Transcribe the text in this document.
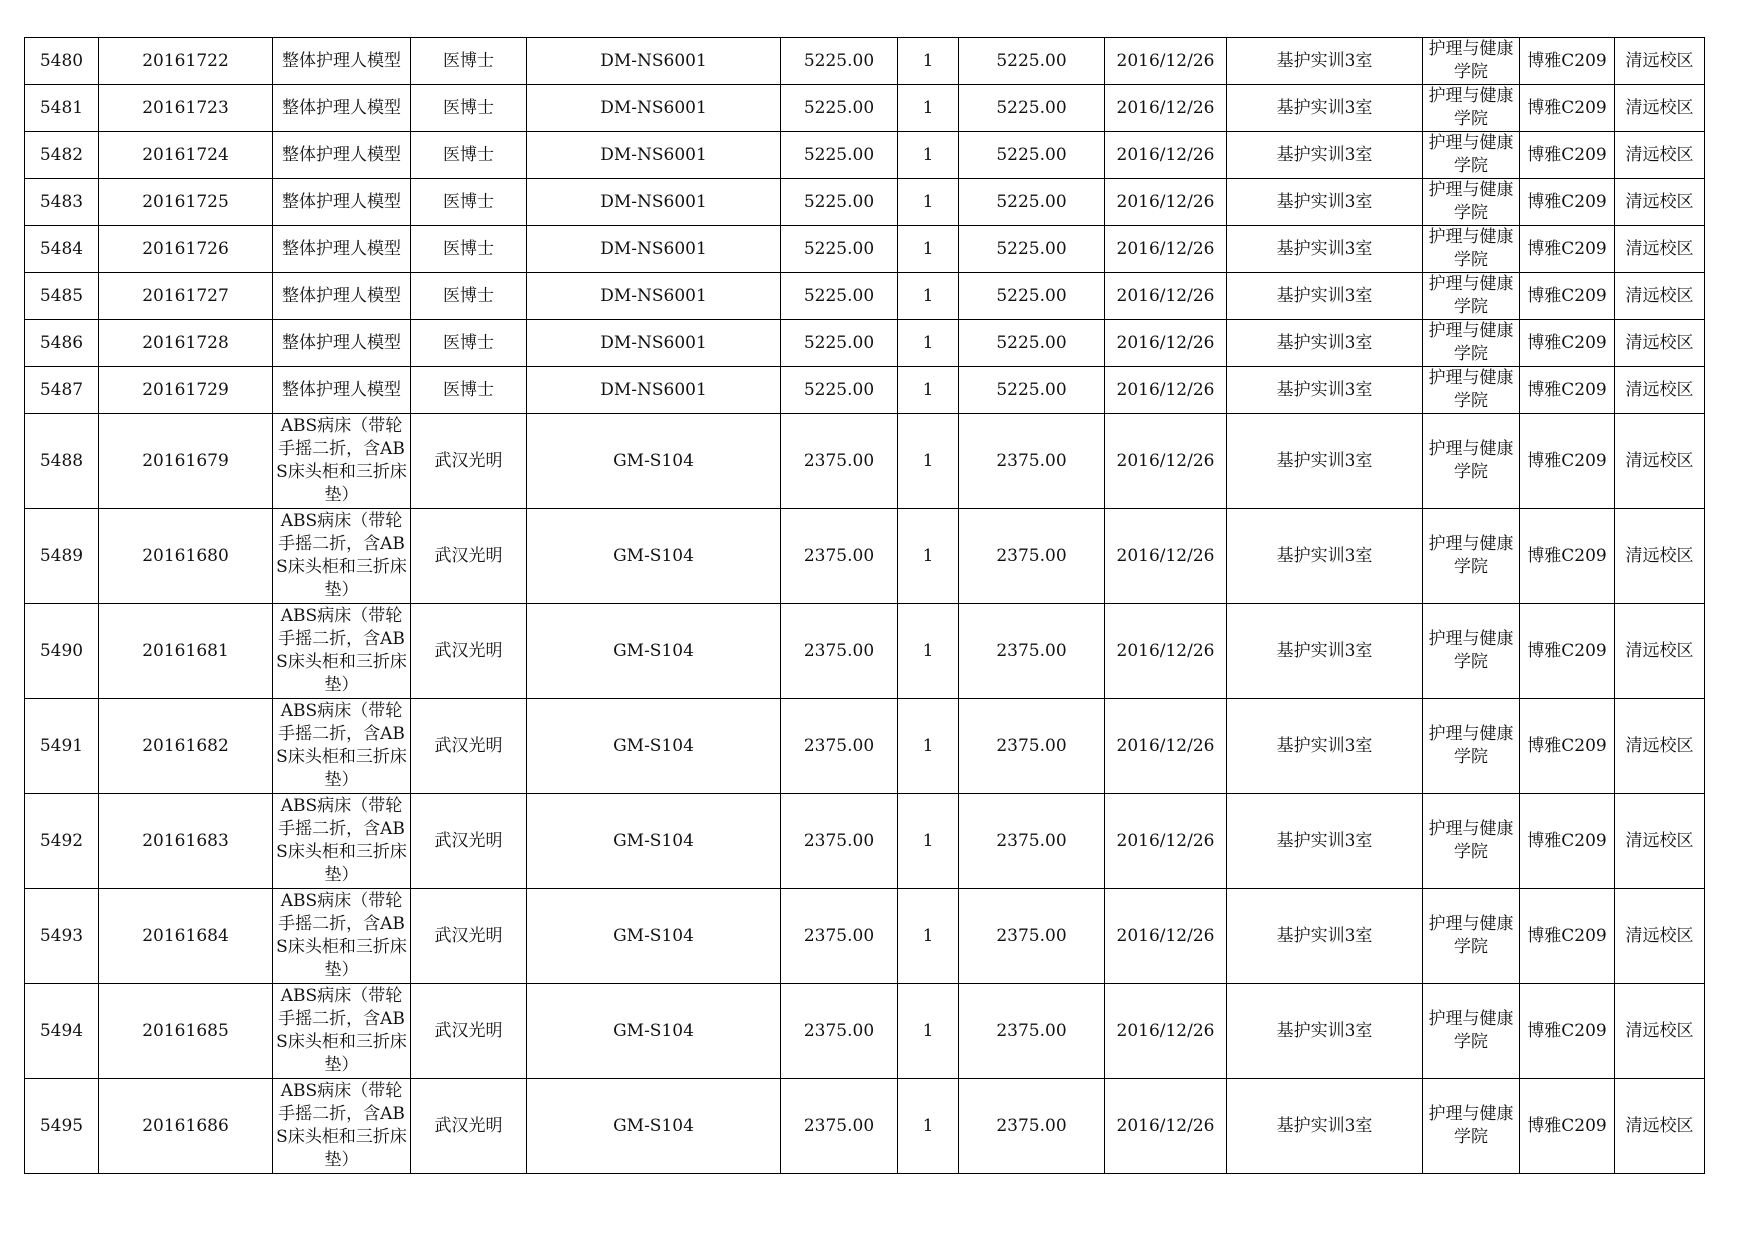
5480	20161722	整体护理人模型	医博士	DM-NS6001	5225.00	1	5225.00	2016/12/26	基护实训3室	护理与健康学院	博雅C209	清远校区
5481	20161723	整体护理人模型	医博士	DM-NS6001	5225.00	1	5225.00	2016/12/26	基护实训3室	护理与健康学院	博雅C209	清远校区
5482	20161724	整体护理人模型	医博士	DM-NS6001	5225.00	1	5225.00	2016/12/26	基护实训3室	护理与健康学院	博雅C209	清远校区
5483	20161725	整体护理人模型	医博士	DM-NS6001	5225.00	1	5225.00	2016/12/26	基护实训3室	护理与健康学院	博雅C209	清远校区
5484	20161726	整体护理人模型	医博士	DM-NS6001	5225.00	1	5225.00	2016/12/26	基护实训3室	护理与健康学院	博雅C209	清远校区
5485	20161727	整体护理人模型	医博士	DM-NS6001	5225.00	1	5225.00	2016/12/26	基护实训3室	护理与健康学院	博雅C209	清远校区
5486	20161728	整体护理人模型	医博士	DM-NS6001	5225.00	1	5225.00	2016/12/26	基护实训3室	护理与健康学院	博雅C209	清远校区
5487	20161729	整体护理人模型	医博士	DM-NS6001	5225.00	1	5225.00	2016/12/26	基护实训3室	护理与健康学院	博雅C209	清远校区
5488	20161679	ABS病床（带轮手摇二折，含ABS床头柜和三折床垫）	武汉光明	GM-S104	2375.00	1	2375.00	2016/12/26	基护实训3室	护理与健康学院	博雅C209	清远校区
5489	20161680	ABS病床（带轮手摇二折，含ABS床头柜和三折床垫）	武汉光明	GM-S104	2375.00	1	2375.00	2016/12/26	基护实训3室	护理与健康学院	博雅C209	清远校区
5490	20161681	ABS病床（带轮手摇二折，含ABS床头柜和三折床垫）	武汉光明	GM-S104	2375.00	1	2375.00	2016/12/26	基护实训3室	护理与健康学院	博雅C209	清远校区
5491	20161682	ABS病床（带轮手摇二折，含ABS床头柜和三折床垫）	武汉光明	GM-S104	2375.00	1	2375.00	2016/12/26	基护实训3室	护理与健康学院	博雅C209	清远校区
5492	20161683	ABS病床（带轮手摇二折，含ABS床头柜和三折床垫）	武汉光明	GM-S104	2375.00	1	2375.00	2016/12/26	基护实训3室	护理与健康学院	博雅C209	清远校区
5493	20161684	ABS病床（带轮手摇二折，含ABS床头柜和三折床垫）	武汉光明	GM-S104	2375.00	1	2375.00	2016/12/26	基护实训3室	护理与健康学院	博雅C209	清远校区
5494	20161685	ABS病床（带轮手摇二折，含ABS床头柜和三折床垫）	武汉光明	GM-S104	2375.00	1	2375.00	2016/12/26	基护实训3室	护理与健康学院	博雅C209	清远校区
5495	20161686	ABS病床（带轮手摇二折，含ABS床头柜和三折床垫）	武汉光明	GM-S104	2375.00	1	2375.00	2016/12/26	基护实训3室	护理与健康学院	博雅C209	清远校区
